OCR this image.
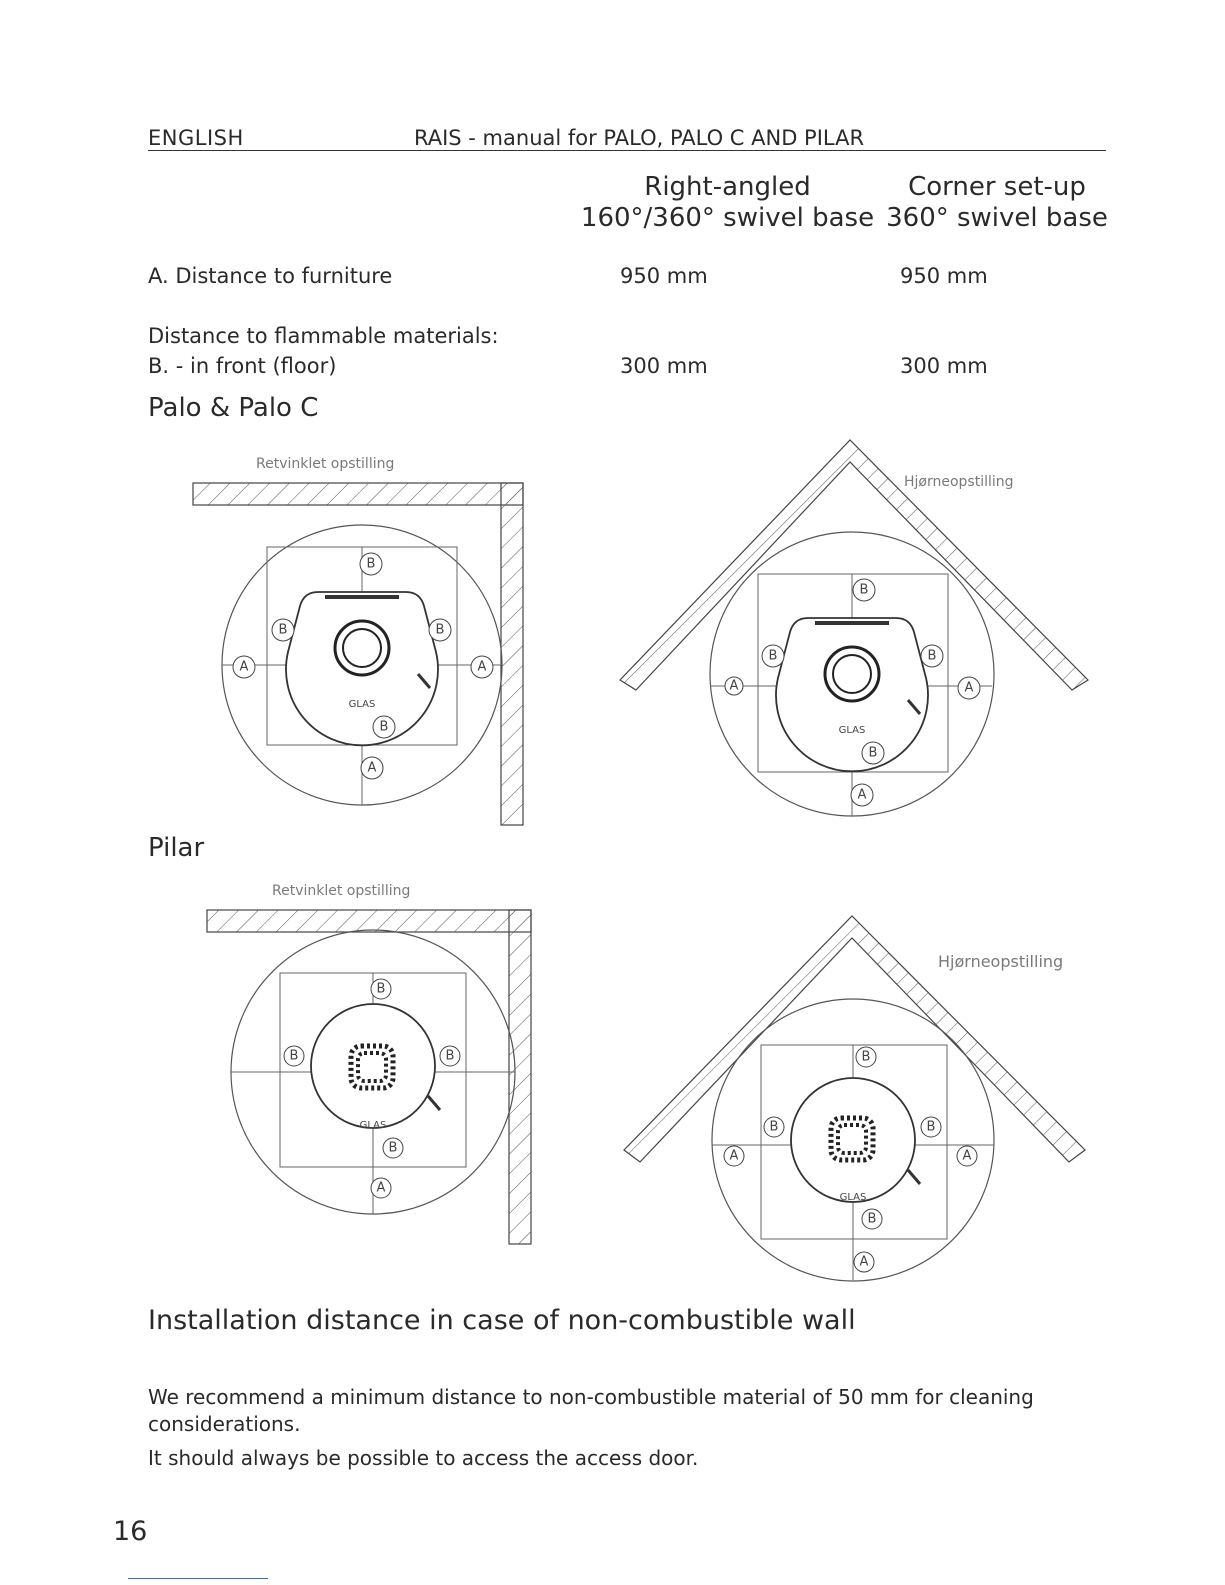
ENGLISH	RAIS - manual for PALO, PALO C AND PILAR
Right-angled
160°/360° swivel base
Corner set-up
360° swivel base
A. Distance to furniture	950 mm	950 mm
Distance to flammable materials:
B. - in front (floor)	300 mm	300 mm
Palo & Palo C
Pilar
Retvinklet opstilling
B
B	B
A	A
GLAS
B
A
Hjørneopstilling
B
B	B
A	A
GLAS
B
A
Retvinklet opstilling
B
B	B
GLAS
B
A
Hjørneopstilling
B
B	B
A	A
GLAS
B
A
Installation distance in case of non-combustible wall
We recommend a minimum distance to non-combustible material of 50 mm for cleaning
considerations.
It should always be possible to access the access door.
16
